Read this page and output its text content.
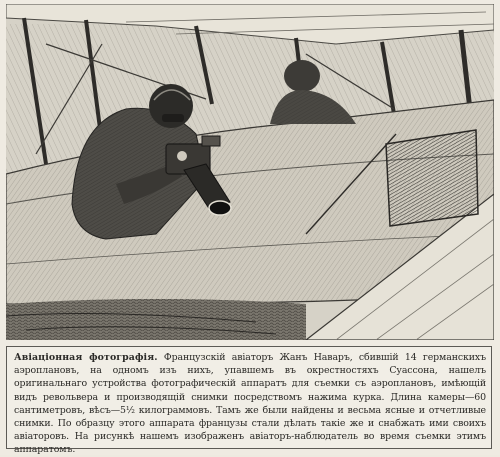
Авiацiонная фотографiя. Французскiй авiаторъ Жанъ Наваръ, сбившiй 14 германскихъ аэроплановъ, на одномъ изъ нихъ, упавшемъ въ окрестностяхъ Суассона, нашелъ оригинальнаго устройства фотографическiй аппаратъ для съемки съ аэроплановъ, имѣющiй видъ револьвера и производящiй снимки посредствомъ нажима курка. Длина камеры—60 сантиметровъ, вѣсъ—5½ килограммовъ. Тамъ же были найдены и весьма ясные и отчетливые снимки. По образцу этого аппарата французы стали дѣлать такiе же и снабжать ими своихъ авiаторовъ. На рисункѣ нашемъ изображенъ авiаторъ-наблюдатель во время съемки этимъ аппаратомъ.
